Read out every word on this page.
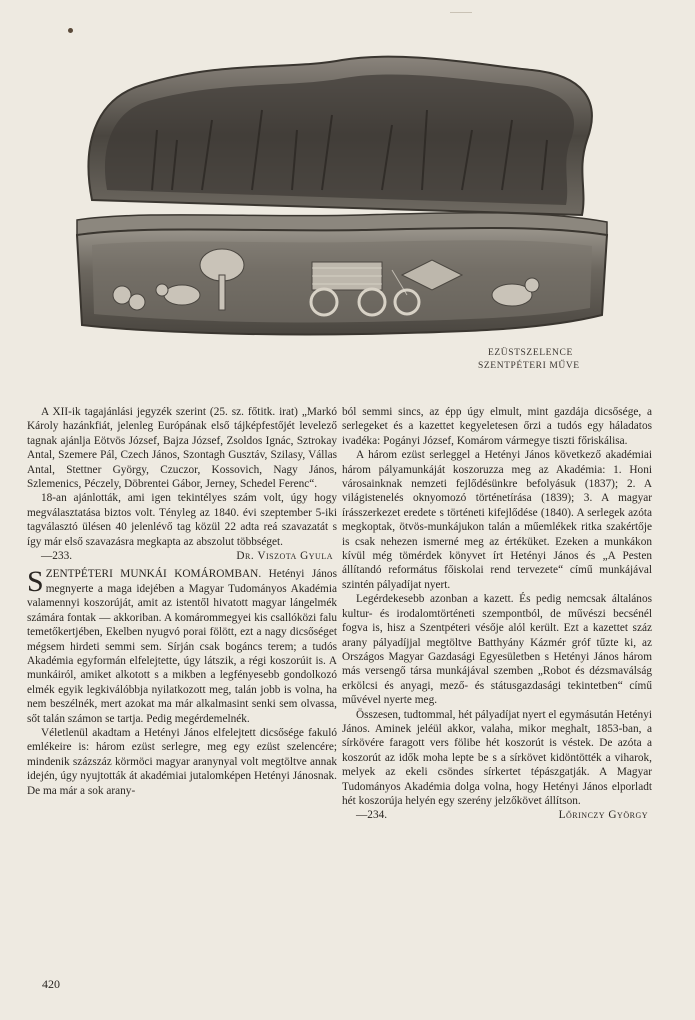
EZÜSTSZELENCE
SZENTPÉTERI MŰVE

A XII-ik tagajánlási jegyzék szerint (25. sz. főtitk. irat) „Markó Károly hazánkfiát, jelenleg Európának első tájképfestőjét levelező tagnak ajánlja Eötvös József, Bajza József, Zsoldos Ignác, Sztrokay Antal, Szemere Pál, Czech János, Szontagh Gusztáv, Szilasy, Vállas Antal, Stettner György, Czuczor, Kossovich, Nagy János, Szlemenics, Péczely, Döbrentei Gábor, Jerney, Schedel Ferenc“.

18-an ajánlották, ami igen tekintélyes szám volt, úgy hogy megválasztatása biztos volt. Tényleg az 1840. évi szeptember 5-iki tagválasztó ülésen 40 jelenlévő tag közül 22 adta reá szavazatát s így már első szavazásra megkapta az abszolut többséget.

—233.	Dr. Viszota Gyula

SZENTPÉTERI MUNKÁI KOMÁROMBAN. Hetényi János megnyerte a maga idejében a Magyar Tudományos Akadémia valamennyi koszorúját, amit az istentől hivatott magyar lángelmék számára fontak — akkoriban. A komárommegyei kis csallóközi falu temetőkertjében, Ekelben nyugvó porai fölött, ezt a nagy dicsőséget mégsem hirdeti semmi sem. Sírján csak bogáncs terem; a tudós Akadémia egyformán elfelejtette, úgy látszik, a régi koszorúit is. A munkáiról, amiket alkotott s a mikben a legfényesebb gondolkozó elmék egyik legkiválóbbja nyilatkozott meg, talán jobb is volna, ha nem beszélnék, mert azokat ma már alkalmasint senki sem olvassa, sőt talán számon se tartja. Pedig megérdemelnék.

Véletlenül akadtam a Hetényi János elfelejtett dicsősége fakuló emlékeire is: három ezüst serlegre, meg egy ezüst szelencére; mindenik százszáz körmöci magyar aranynyal volt megtöltve annak idején, úgy nyujtották át akadémiai jutalomképen Hetényi Jánosnak. De ma már a sok arany-

ból semmi sincs, az épp úgy elmult, mint gazdája dicsősége, a serlegeket és a kazettet kegyeletesen őrzi a tudós egy háladatos ivadéka: Pogányi József, Komárom vármegye tiszti főriskálisa.

A három ezüst serleggel a Hetényi János következő akadémiai három pályamunkáját koszoruzza meg az Akadémia: 1. Honi városainknak nemzeti fejlődésünkre befolyásuk (1837); 2. A világistenelés oknyomozó történetírása (1839); 3. A magyar írásszerkezet eredete s történeti kifejlődése (1840). A serlegek azóta megkoptak, ötvös-munkájukon talán a műemlékek ritka szakértője is csak nehezen ismerné meg az értéküket. Ezeken a munkákon kívül még tömérdek könyvet írt Hetényi János és „A Pesten állítandó református főiskolai rend tervezete“ című munkájával szintén pályadíjat nyert.

Legérdekesebb azonban a kazett. És pedig nemcsak általános kultur- és irodalomtörténeti szempontból, de művészi becsénél fogva is, hisz a Szentpéteri vésője alól került. Ezt a kazettet száz arany pályadíjjal megtöltve Batthyány Kázmér gróf tűzte ki, az Országos Magyar Gazdasági Egyesületben s Hetényi János három más versengő társa munkájával szemben „Robot és dézsmaválság erkölcsi és anyagi, mező- és státusgazdasági tekintetben“ című művével nyerte meg.

Összesen, tudtommal, hét pályadíjat nyert el egymásután Hetényi János. Aminek jeléül akkor, valaha, mikor meghalt, 1853-ban, a sírkövére faragott vers fölibe hét koszorút is véstek. De azóta a koszorút az idők moha lepte be s a sírkövet kidöntötték a viharok, melyek az ekeli csöndes sírkertet tépászgatják. A Magyar Tudományos Akadémia dolga volna, hogy Hetényi János elporladt hét koszorúja helyén egy szerény jelzőkövet állítson.

—234.	Lőrinczy György
420
